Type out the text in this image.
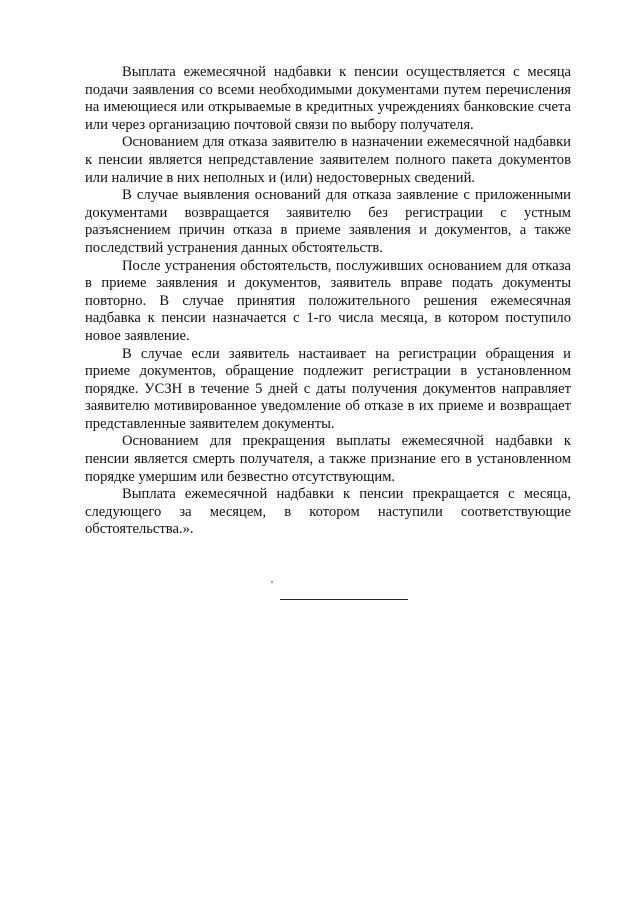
Выплата ежемесячной надбавки к пенсии осуществляется с месяца подачи заявления со всеми необходимыми документами путем перечисления на имеющиеся или открываемые в кредитных учреждениях банковские счета или через организацию почтовой связи по выбору получателя.

Основанием для отказа заявителю в назначении ежемесячной надбавки к пенсии является непредставление заявителем полного пакета документов или наличие в них неполных и (или) недостоверных сведений.

В случае выявления оснований для отказа заявление с приложенными документами возвращается заявителю без регистрации с устным разъяснением причин отказа в приеме заявления и документов, а также последствий устранения данных обстоятельств.

После устранения обстоятельств, послуживших основанием для отказа в приеме заявления и документов, заявитель вправе подать документы повторно. В случае принятия положительного решения ежемесячная надбавка к пенсии назначается с 1-го числа месяца, в котором поступило новое заявление.

В случае если заявитель настаивает на регистрации обращения и приеме документов, обращение подлежит регистрации в установленном порядке. УСЗН в течение 5 дней с даты получения документов направляет заявителю мотивированное уведомление об отказе в их приеме и возвращает представленные заявителем документы.

Основанием для прекращения выплаты ежемесячной надбавки к пенсии является смерть получателя, а также признание его в установленном порядке умершим или безвестно отсутствующим.

Выплата ежемесячной надбавки к пенсии прекращается с месяца, следующего за месяцем, в котором наступили соответствующие обстоятельства.».
